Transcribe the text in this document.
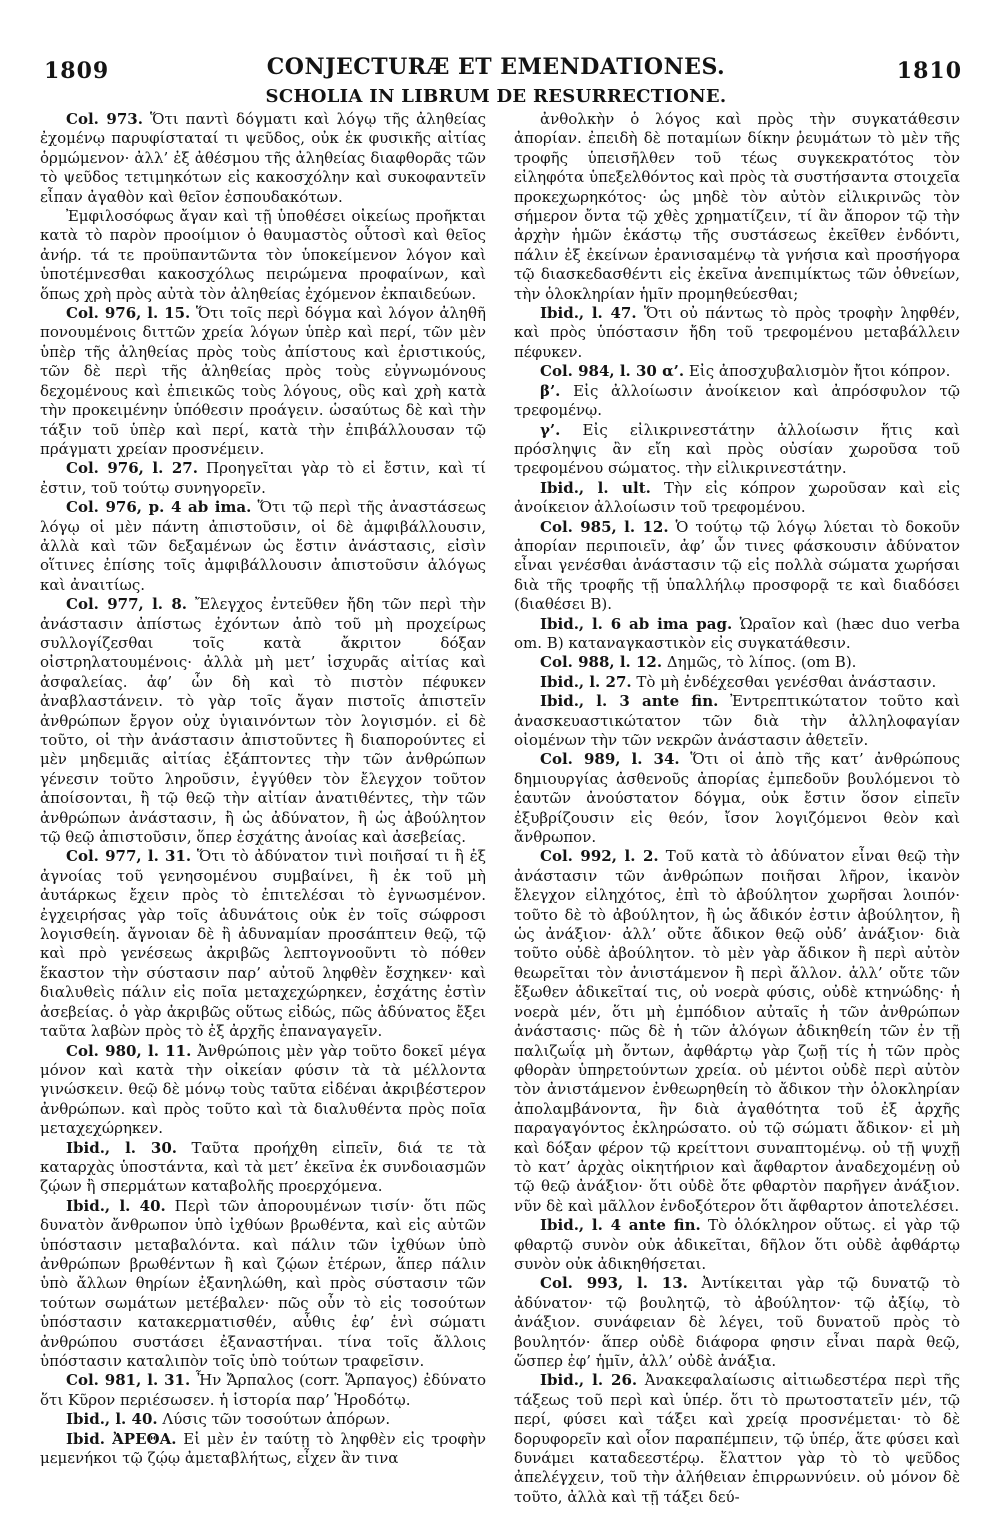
1809	CONJECTURÆ ET EMENDATIONES.
SCHOLIA IN LIBRUM DE RESURRECTIONE.
1810

Col. 973. Ὅτι παντὶ δόγματι καὶ λόγῳ τῆς ἀληθείας ἐχομένῳ παρυφίσταταί τι ψεῦδος, οὐκ ἐκ φυσικῆς αἰτίας ὁρμώμενον· ἀλλ’ ἐξ ἀθέσμου τῆς ἀληθείας διαφθορᾶς τῶν τὸ ψεῦδος τετιμηκότων εἰς κακοσχόλην καὶ συκοφαντεῖν εἶπαν ἀγαθὸν καὶ θεῖον ἐσπουδακότων.

Ἐμφιλοσόφως ἄγαν καὶ τῇ ὑποθέσει οἰκείως προῆκται κατὰ τὸ παρὸν προοίμιον ὁ θαυμαστὸς οὗτοσὶ καὶ θεῖος ἀνήρ. τά τε προϋπαντῶντα τὸν ὑποκείμενον λόγον καὶ ὑποτέμνεσθαι κακοσχόλως πειρώμενα προφαίνων, καὶ ὅπως χρὴ πρὸς αὐτὰ τὸν ἀληθείας ἐχόμενον ἐκπαιδεύων.

Col. 976, l. 15. Ὅτι τοῖς περὶ δόγμα καὶ λόγον ἀληθῆ πονουμένοις διττῶν χρεία λόγων ὑπὲρ καὶ περί, τῶν μὲν ὑπὲρ τῆς ἀληθείας πρὸς τοὺς ἀπίστους καὶ ἐριστικούς, τῶν δὲ περὶ τῆς ἀληθείας πρὸς τοὺς εὐγνωμόνους δεχομένους καὶ ἐπιεικῶς τοὺς λόγους, οὓς καὶ χρὴ κατὰ τὴν προκειμένην ὑπόθεσιν προάγειν. ὡσαύτως δὲ καὶ τὴν τάξιν τοῦ ὑπὲρ καὶ περί, κατὰ τὴν ἐπιβάλλουσαν τῷ πράγματι χρείαν προσνέμειν.

Col. 976, l. 27. Προηγεῖται γὰρ τὸ εἰ ἔστιν, καὶ τί ἐστιν, τοῦ τούτῳ συνηγορεῖν.

Col. 976, p. 4 ab ima. Ὅτι τῷ περὶ τῆς ἀναστάσεως λόγῳ οἱ μὲν πάντη ἀπιστοῦσιν, οἱ δὲ ἀμφιβάλλουσιν, ἀλλὰ καὶ τῶν δεξαμένων ὡς ἔστιν ἀνάστασις, εἰσὶν οἵτινες ἐπίσης τοῖς ἀμφιβάλλουσιν ἀπιστοῦσιν ἀλόγως καὶ ἀναιτίως.

Col. 977, l. 8. Ἔλεγχος ἐντεῦθεν ἤδη τῶν περὶ τὴν ἀνάστασιν ἀπίστως ἐχόντων ἀπὸ τοῦ μὴ προχείρως συλλογίζεσθαι τοῖς κατὰ ἄκριτον δόξαν οἰστρηλατουμένοις· ἀλλὰ μὴ μετ’ ἰσχυρᾶς αἰτίας καὶ ἀσφαλείας. ἀφ’ ὧν δὴ καὶ τὸ πιστὸν πέφυκεν ἀναβλαστάνειν. τὸ γὰρ τοῖς ἄγαν πιστοῖς ἀπιστεῖν ἀνθρώπων ἔργον οὐχ ὑγιαινόντων τὸν λογισμόν. εἰ δὲ τοῦτο, οἱ τὴν ἀνάστασιν ἀπιστοῦντες ἢ διαπορούντες εἰ μὲν μηδεμιᾶς αἰτίας ἐξάπτοντες τὴν τῶν ἀνθρώπων γένεσιν τοῦτο ληροῦσιν, ἐγγύθεν τὸν ἔλεγχον τοῦτον ἀποίσονται, ἢ τῷ θεῷ τὴν αἰτίαν ἀνατιθέντες, τὴν τῶν ἀνθρώπων ἀνάστασιν, ἢ ὡς ἀδύνατον, ἢ ὡς ἀβούλητον τῷ θεῷ ἀπιστοῦσιν, ὅπερ ἐσχάτης ἀνοίας καὶ ἀσεβείας.

Col. 977, l. 31. Ὅτι τὸ ἀδύνατον τινὶ ποιῆσαί τι ἢ ἐξ ἀγνοίας τοῦ γενησομένου συμβαίνει, ἢ ἐκ τοῦ μὴ ἀυτάρκως ἔχειν πρὸς τὸ ἐπιτελέσαι τὸ ἐγνωσμένον. ἐγχειρήσας γὰρ τοῖς ἀδυνάτοις οὐκ ἐν τοῖς σώφροσι λογισθείη. ἄγνοιαν δὲ ἢ ἀδυναμίαν προσάπτειν θεῷ, τῷ καὶ πρὸ γενέσεως ἀκριβῶς λεπτογνοοῦντι τὸ πόθεν ἕκαστον τὴν σύστασιν παρ’ αὐτοῦ ληφθὲν ἔσχηκεν· καὶ διαλυθεὶς πάλιν εἰς ποῖα μεταχεχώρηκεν, ἐσχάτης ἐστὶν ἀσεβείας. ὁ γὰρ ἀκριβῶς οὕτως εἰδώς, πῶς ἀδύνατος ἔξει ταῦτα λαβὼν πρὸς τὸ ἐξ ἀρχῆς ἐπαναγαγεῖν.

Col. 980, l. 11. Ἀνθρώποις μὲν γὰρ τοῦτο δοκεῖ μέγα μόνον καὶ κατὰ τὴν οἰκείαν φύσιν τὰ τὰ μέλλοντα γινώσκειν. θεῷ δὲ μόνῳ τοὺς ταῦτα εἰδέναι ἀκριβέστερον ἀνθρώπων. καὶ πρὸς τοῦτο καὶ τὰ διαλυθέντα πρὸς ποῖα μεταχεχώρηκεν.

Ibid., l. 30. Ταῦτα προήχθη εἰπεῖν, διά τε τὰ καταρχὰς ὑποστάντα, καὶ τὰ μετ’ ἐκεῖνα ἐκ συνδοιασμῶν ζῴων ἢ σπερμάτων καταβολῆς προερχόμενα.

Ibid., l. 40. Περὶ τῶν ἀπορουμένων τισίν· ὅτι πῶς δυνατὸν ἄνθρωπον ὑπὸ ἰχθύων βρωθέντα, καὶ εἰς αὐτῶν ὑπόστασιν μεταβαλόντα. καὶ πάλιν τῶν ἰχθύων ὑπὸ ἀνθρώπων βρωθέντων ἢ καὶ ζῴων ἑτέρων, ἅπερ πάλιν ὑπὸ ἄλλων θηρίων ἐξανηλώθη, καὶ πρὸς σύστασιν τῶν τούτων σωμάτων μετέβαλεν· πῶς οὖν τὸ εἰς τοσούτων ὑπόστασιν κατακερματισθέν, αὖθις ἐφ’ ἑνὶ σώματι ἀνθρώπου συστάσει ἐξαναστήναι. τίνα τοῖς ἄλλοις ὑπόστασιν καταλιπὸν τοῖς ὑπὸ τούτων τραφεῖσιν.

Col. 981, l. 31. Ἦν Ἄρπαλος (corr. Ἅρπαγος) ἐδύνατο ὅτι Κῦρον περιέσωσεν. ἡ ἱστορία παρ’ Ἡροδότῳ.

Ibid., l. 40. Λύσις τῶν τοσούτων ἀπόρων.

Ibid. ἈΡΕΘΑ. Εἰ μὲν ἐν ταύτῃ τὸ ληφθὲν εἰς τροφὴν μεμενήκοι τῷ ζῴῳ ἀμεταβλήτως, εἶχεν ἂν τινα

ἀνθολκὴν ὁ λόγος καὶ πρὸς τὴν συγκατάθεσιν ἀπορίαν. ἐπειδὴ δὲ ποταμίων δίκην ῥευμάτων τὸ μὲν τῆς τροφῆς ὑπεισῆλθεν τοῦ τέως συγκεκρατότος τὸν εἰληφότα ὑπεξελθόντος καὶ πρὸς τὰ συστήσαντα στοιχεῖα προκεχωρηκότος· ὡς μηδὲ τὸν αὐτὸν εἰλικρινῶς τὸν σήμερον ὄντα τῷ χθὲς χρηματίζειν, τί ἂν ἄπορον τῷ τὴν ἀρχὴν ἡμῶν ἑκάστῳ τῆς συστάσεως ἐκεῖθεν ἐνδόντι, πάλιν ἐξ ἐκείνων ἐρανισαμένῳ τὰ γνήσια καὶ προσήγορα τῷ διασκεδασθέντι εἰς ἐκεῖνα ἀνεπιμίκτως τῶν ὀθνείων, τὴν ὁλοκληρίαν ἡμῖν προμηθεύεσθαι;

Ibid., l. 47. Ὅτι οὐ πάντως τὸ πρὸς τροφὴν ληφθέν, καὶ πρὸς ὑπόστασιν ἤδη τοῦ τρεφομένου μεταβάλλειν πέφυκεν.

Col. 984, l. 30 α’. Εἰς ἀποσχυβαλισμὸν ἤτοι κόπρον.

β’. Εἰς ἀλλοίωσιν ἀνοίκειον καὶ ἀπρόσφυλον τῷ τρεφομένῳ.

γ’. Εἰς εἰλικρινεστάτην ἀλλοίωσιν ἥτις καὶ πρόσληψις ἂν εἴη καὶ πρὸς οὐσίαν χωροῦσα τοῦ τρεφομένου σώματος. τὴν εἰλικρινεστάτην.

Ibid., l. ult. Τὴν εἰς κόπρον χωροῦσαν καὶ εἰς ἀνοίκειον ἀλλοίωσιν τοῦ τρεφομένου.

Col. 985, l. 12. Ὁ τούτῳ τῷ λόγῳ λύεται τὸ δοκοῦν ἀπορίαν περιποιεῖν, ἀφ’ ὧν τινες φάσκουσιν ἀδύνατον εἶναι γενέσθαι ἀνάστασιν τῷ εἰς πολλὰ σώματα χωρήσαι διὰ τῆς τροφῆς τῇ ὑπαλλήλῳ προσφορᾷ τε καὶ διαδόσει (διαθέσει B).

Ibid., l. 6 ab ima pag. Ὡραῖον καὶ (hæc duo verba om. B) καταναγκαστικὸν εἰς συγκατάθεσιν.

Col. 988, l. 12. Δημῶς, τὸ λίπος. (om B).

Ibid., l. 27. Τὸ μὴ ἐνδέχεσθαι γενέσθαι ἀνάστασιν.

Ibid., l. 3 ante fin. Ἐντρεπτικώτατον τοῦτο καὶ ἀνασκευαστικώτατον τῶν διὰ τὴν ἀλληλοφαγίαν οἰομένων τὴν τῶν νεκρῶν ἀνάστασιν ἀθετεῖν.

Col. 989, l. 34. Ὅτι οἱ ἀπὸ τῆς κατ’ ἀνθρώπους δημιουργίας ἀσθενοῦς ἀπορίας ἐμπεδοῦν βουλόμενοι τὸ ἑαυτῶν ἀνούστατον δόγμα, οὐκ ἔστιν ὅσον εἰπεῖν ἐξυβρίζουσιν εἰς θεόν, ἴσον λογιζόμενοι θεὸν καὶ ἄνθρωπον.

Col. 992, l. 2. Τοῦ κατὰ τὸ ἀδύνατον εἶναι θεῷ τὴν ἀνάστασιν τῶν ἀνθρώπων ποιῆσαι λῆρον, ἱκανὸν ἔλεγχον εἰληχότος, ἐπὶ τὸ ἀβούλητον χωρῆσαι λοιπόν· τοῦτο δὲ τὸ ἀβούλητον, ἢ ὡς ἄδικόν ἐστιν ἀβούλητον, ἢ ὡς ἀνάξιον· ἀλλ’ οὔτε ἄδικον θεῷ οὐδ’ ἀνάξιον· διὰ τοῦτο οὐδὲ ἀβούλητον. τὸ μὲν γὰρ ἄδικον ἢ περὶ αὐτὸν θεωρεῖται τὸν ἀνιστάμενον ἢ περὶ ἄλλον. ἀλλ’ οὔτε τῶν ἔξωθεν ἀδικεῖταί τις, οὐ νοερὰ φύσις, οὐδὲ κτηνώδης· ἡ νοερὰ μέν, ὅτι μὴ ἐμπόδιον αὐταῖς ἡ τῶν ἀνθρώπων ἀνάστασις· πῶς δὲ ἡ τῶν ἀλόγων ἀδικηθείη τῶν ἐν τῇ παλιζωΐᾳ μὴ ὄντων, ἀφθάρτῳ γὰρ ζωῇ τίς ἡ τῶν πρὸς φθορὰν ὑπηρετούντων χρεία. οὐ μέντοι οὐδὲ περὶ αὐτὸν τὸν ἀνιστάμενον ἐνθεωρηθείη τὸ ἄδικον τὴν ὁλοκληρίαν ἀπολαμβάνοντα, ἣν διὰ ἀγαθότητα τοῦ ἐξ ἀρχῆς παραγαγόντος ἐκληρώσατο. οὐ τῷ σώματι ἄδικον· εἰ μὴ καὶ δόξαν φέρον τῷ κρείττονι συναπτομένῳ. οὐ τῇ ψυχῇ τὸ κατ’ ἀρχὰς οἰκητήριον καὶ ἄφθαρτον ἀναδεχομένῃ οὐ τῷ θεῷ ἀνάξιον· ὅτι οὐδὲ ὅτε φθαρτὸν παρῆγεν ἀνάξιον. νῦν δὲ καὶ μᾶλλον ἐνδοξότερον ὅτι ἄφθαρτον ἀποτελέσει.

Ibid., l. 4 ante fin. Τὸ ὁλόκληρον οὕτως. εἰ γὰρ τῷ φθαρτῷ συνὸν οὐκ ἀδικεῖται, δῆλον ὅτι οὐδὲ ἀφθάρτῳ συνὸν οὐκ ἀδικηθήσεται.

Col. 993, l. 13. Ἀντίκειται γὰρ τῷ δυνατῷ τὸ ἀδύνατον· τῷ βουλητῷ, τὸ ἀβούλητον· τῷ ἀξίῳ, τὸ ἀνάξιον. συνάφειαν δὲ λέγει, τοῦ δυνατοῦ πρὸς τὸ βουλητόν· ἅπερ οὐδὲ διάφορα φησιν εἶναι παρὰ θεῷ, ὥσπερ ἐφ’ ἡμῖν, ἀλλ’ οὐδὲ ἀνάξια.

Ibid., l. 26. Ἀνακεφαλαίωσις αἰτιωδεστέρα περὶ τῆς τάξεως τοῦ περὶ καὶ ὑπέρ. ὅτι τὸ πρωτοστατεῖν μέν, τῷ περί, φύσει καὶ τάξει καὶ χρείᾳ προσνέμεται· τὸ δὲ δορυφορεῖν καὶ οἷον παραπέμπειν, τῷ ὑπέρ, ἅτε φύσει καὶ δυνάμει καταδεεστέρῳ. ἔλαττον γὰρ τὸ τὸ ψεῦδος ἀπελέγχειν, τοῦ τὴν ἀλήθειαν ἐπιρρωννύειν. οὐ μόνον δὲ τοῦτο, ἀλλὰ καὶ τῇ τάξει δεύ-
